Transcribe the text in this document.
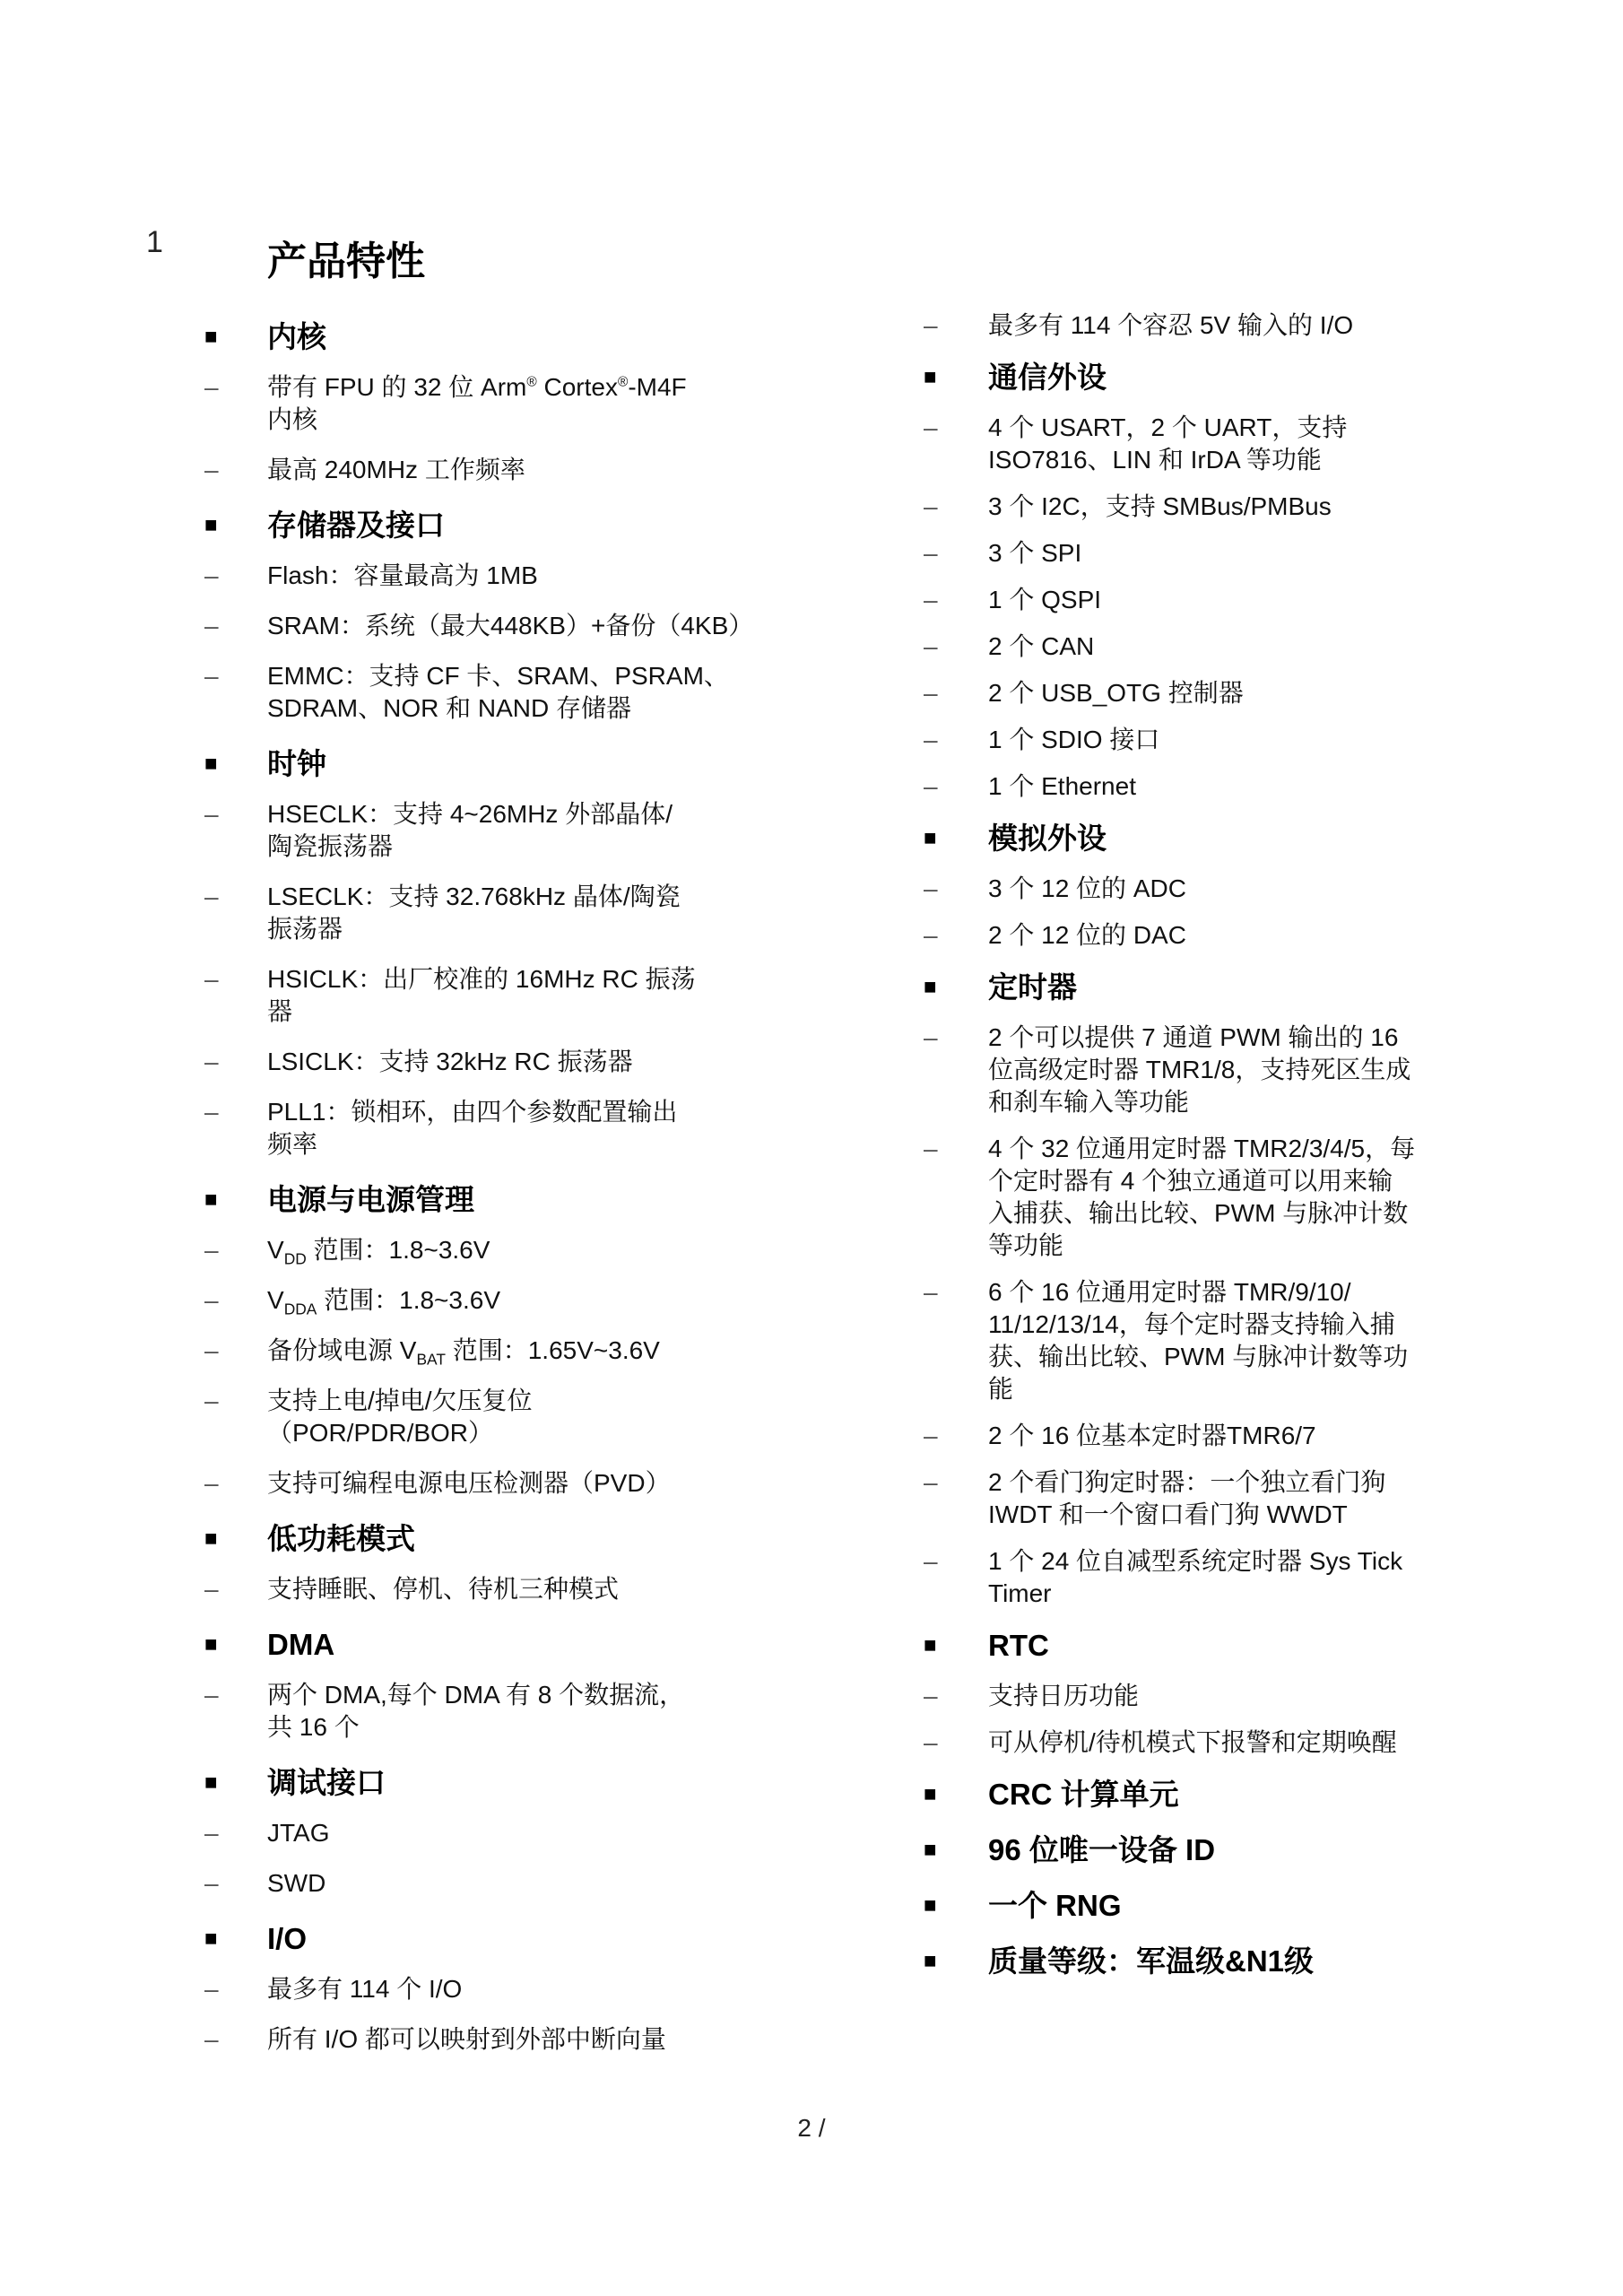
1	产品特性
■	内核
–	带有 FPU 的 32 位 Arm® Cortex®-M4F
内核
–	最高 240MHz 工作频率
■	存储器及接口
–	Flash：容量最高为 1MB
–	SRAM：系统（最大448KB）+备份（4KB）
–	EMMC：支持 CF 卡、SRAM、PSRAM、
SDRAM、NOR 和 NAND 存储器
■	时钟
–	HSECLK：支持 4~26MHz 外部晶体/
陶瓷振荡器
–	LSECLK：支持 32.768kHz 晶体/陶瓷
振荡器
–	HSICLK：出厂校准的 16MHz RC 振荡
器
–	LSICLK：支持 32kHz RC 振荡器
–	PLL1：锁相环，由四个参数配置输出
频率
■	电源与电源管理
–	$V_{DD}$ 范围：1.8~3.6V
–	$V_{DDA}$ 范围：1.8~3.6V
–	备份域电源 $V_{BAT}$ 范围：1.65V~3.6V
–	支持上电/掉电/欠压复位
（POR/PDR/BOR）
–	支持可编程电源电压检测器（PVD）
■	低功耗模式
–	支持睡眠、停机、待机三种模式
■	DMA
–	两个 DMA,每个 DMA 有 8 个数据流，
共 16 个
■	调试接口
–	JTAG
–	SWD
■	I/O
–	最多有 114 个 I/O
–	所有 I/O 都可以映射到外部中断向量
–	最多有 114 个容忍 5V 输入的 I/O
■	通信外设
–	4 个 USART，2 个 UART，支持
ISO7816、LIN 和 IrDA 等功能
–	3 个 I2C，支持 SMBus/PMBus
–	3 个 SPI
–	1 个 QSPI
–	2 个 CAN
–	2 个 USB_OTG 控制器
–	1 个 SDIO 接口
–	1 个 Ethernet
■	模拟外设
–	3 个 12 位的 ADC
–	2 个 12 位的 DAC
■	定时器
–	2 个可以提供 7 通道 PWM 输出的 16
位高级定时器 TMR1/8，支持死区生成
和刹车输入等功能
–	4 个 32 位通用定时器 TMR2/3/4/5，每
个定时器有 4 个独立通道可以用来输
入捕获、输出比较、PWM 与脉冲计数
等功能
–	6 个 16 位通用定时器 TMR/9/10/
11/12/13/14，每个定时器支持输入捕
获、输出比较、PWM 与脉冲计数等功
能
–	2 个 16 位基本定时器TMR6/7
–	2 个看门狗定时器：一个独立看门狗
IWDT 和一个窗口看门狗 WWDT
–	1 个 24 位自减型系统定时器 Sys Tick
Timer
■	RTC
–	支持日历功能
–	可从停机/待机模式下报警和定期唤醒
■	CRC 计算单元
■	96 位唯一设备 ID
■	一个 RNG
■	质量等级：军温级&N1级
2 /
